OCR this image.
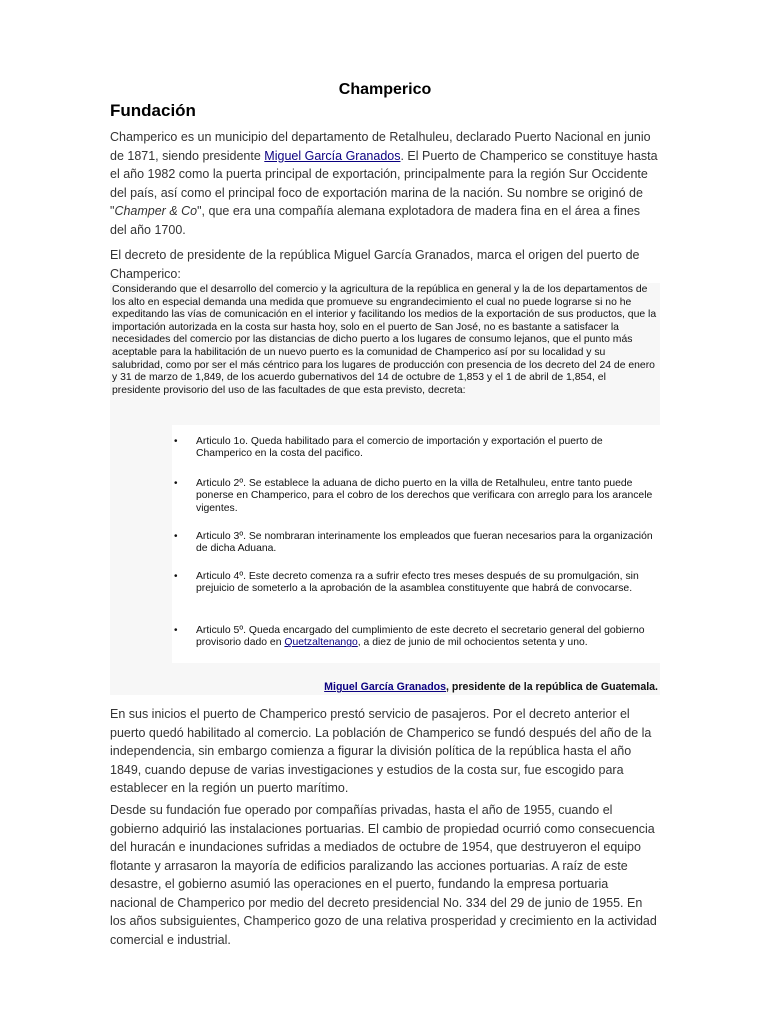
Champerico
Fundación

Champerico es un municipio del departamento de Retalhuleu, declarado Puerto Nacional en junio de 1871, siendo presidente Miguel García Granados. El Puerto de Champerico se constituye hasta el año 1982 como la puerta principal de exportación, principalmente para la región Sur Occidente del país, así como el principal foco de exportación marina de la nación. Su nombre se originó de "Champer & Co", que era una compañía alemana explotadora de madera fina en el área a fines del año 1700.

El decreto de presidente de la república Miguel García Granados, marca el origen del puerto de Champerico:

Considerando que el desarrollo del comercio y la agricultura de la república en general y la de los departamentos de los alto en especial demanda una medida que promueve su engrandecimiento el cual no puede lograrse si no he expeditando las vías de comunicación en el interior y facilitando los medios de la exportación de sus productos, que la importación autorizada en la costa sur hasta hoy, solo en el puerto de San José, no es bastante a satisfacer la necesidades del comercio por las distancias de dicho puerto a los lugares de consumo lejanos, que el punto más aceptable para la habilitación de un nuevo puerto es la comunidad de Champerico así por su localidad y su salubridad, como por ser el más céntrico para los lugares de producción con presencia de los decreto del 24 de enero y 31 de marzo de 1,849, de los acuerdo gubernativos del 14 de octubre de 1,853 y el 1 de abril de 1,854, el presidente provisorio del uso de las facultades de que esta previsto, decreta:

• Articulo 1o. Queda habilitado para el comercio de importación y exportación el puerto de Champerico en la costa del pacifico.
• Articulo 2º. Se establece la aduana de dicho puerto en la villa de Retalhuleu, entre tanto puede ponerse en Champerico, para el cobro de los derechos que verificara con arreglo para los arancele vigentes.
• Articulo 3º. Se nombraran interinamente los empleados que fueran necesarios para la organización de dicha Aduana.
• Articulo 4º. Este decreto comenza ra a sufrir efecto tres meses después de su promulgación, sin prejuicio de someterlo a la aprobación de la asamblea constituyente que habrá de convocarse.
• Articulo 5º. Queda encargado del cumplimiento de este decreto el secretario general del gobierno provisorio dado en Quetzaltenango, a diez de junio de mil ochocientos setenta y uno.
Miguel García Granados, presidente de la república de Guatemala.

En sus inicios el puerto de Champerico prestó servicio de pasajeros. Por el decreto anterior el puerto quedó habilitado al comercio. La población de Champerico se fundó después del año de la independencia, sin embargo comienza a figurar la división política de la república hasta el año 1849, cuando depuse de varias investigaciones y estudios de la costa sur, fue escogido para establecer en la región un puerto marítimo.

Desde su fundación fue operado por compañías privadas, hasta el año de 1955, cuando el gobierno adquirió las instalaciones portuarias. El cambio de propiedad ocurrió como consecuencia del huracán e inundaciones sufridas a mediados de octubre de 1954, que destruyeron el equipo flotante y arrasaron la mayoría de edificios paralizando las acciones portuarias. A raíz de este desastre, el gobierno asumió las operaciones en el puerto, fundando la empresa portuaria nacional de Champerico por medio del decreto presidencial No. 334 del 29 de junio de 1955. En los años subsiguientes, Champerico gozo de una relativa prosperidad y crecimiento en la actividad comercial e industrial.
